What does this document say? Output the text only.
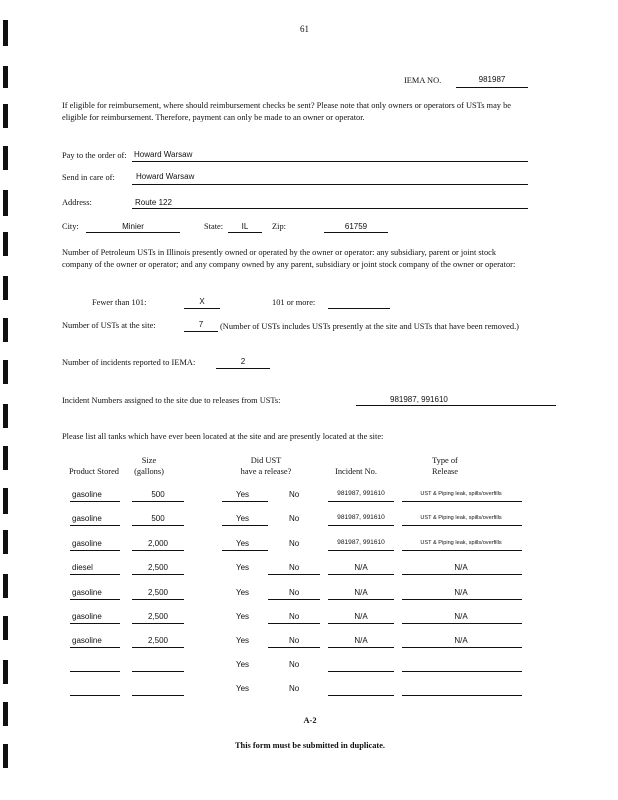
61
IEMA NO.	981987
If eligible for reimbursement, where should reimbursement checks be sent? Please note that only owners or operators of USTs may be eligible for reimbursement. Therefore, payment can only be made to an owner or operator.
Pay to the order of: Howard Warsaw
Send in care of:	Howard Warsaw
Address:	Route 122
City:	Minier	State:	IL	Zip:	61759
Number of Petroleum USTs in Illinois presently owned or operated by the owner or operator: any subsidiary, parent or joint stock company of the owner or operator; and any company owned by any parent, subsidiary or joint stock company of the owner or operator:
Fewer than 101:	X	101 or more:
Number of USTs at the site:	7	(Number of USTs includes USTs presently at the site and USTs that have been removed.)
Number of incidents reported to IEMA:	2
Incident Numbers assigned to the site due to releases from USTs:	981987, 991610
Please list all tanks which have ever been located at the site and are presently located at the site:
Product Stored
Size
(gallons)
Did UST
have a release?	Incident No.
Type of
Release
gasoline	500	Yes	No	981987, 991610	UST & Piping leak, spills/overfills
gasoline	500	Yes	No	981987, 991610	UST & Piping leak, spills/overfills
gasoline	2,000	Yes	No	981987, 991610	UST & Piping leak, spills/overfills
diesel	2,500	Yes	No	N/A	N/A
gasoline	2,500	Yes	No	N/A	N/A
gasoline	2,500	Yes	No	N/A	N/A
gasoline	2,500	Yes	No	N/A	N/A
Yes	No
Yes	No
A-2
This form must be submitted in duplicate.
